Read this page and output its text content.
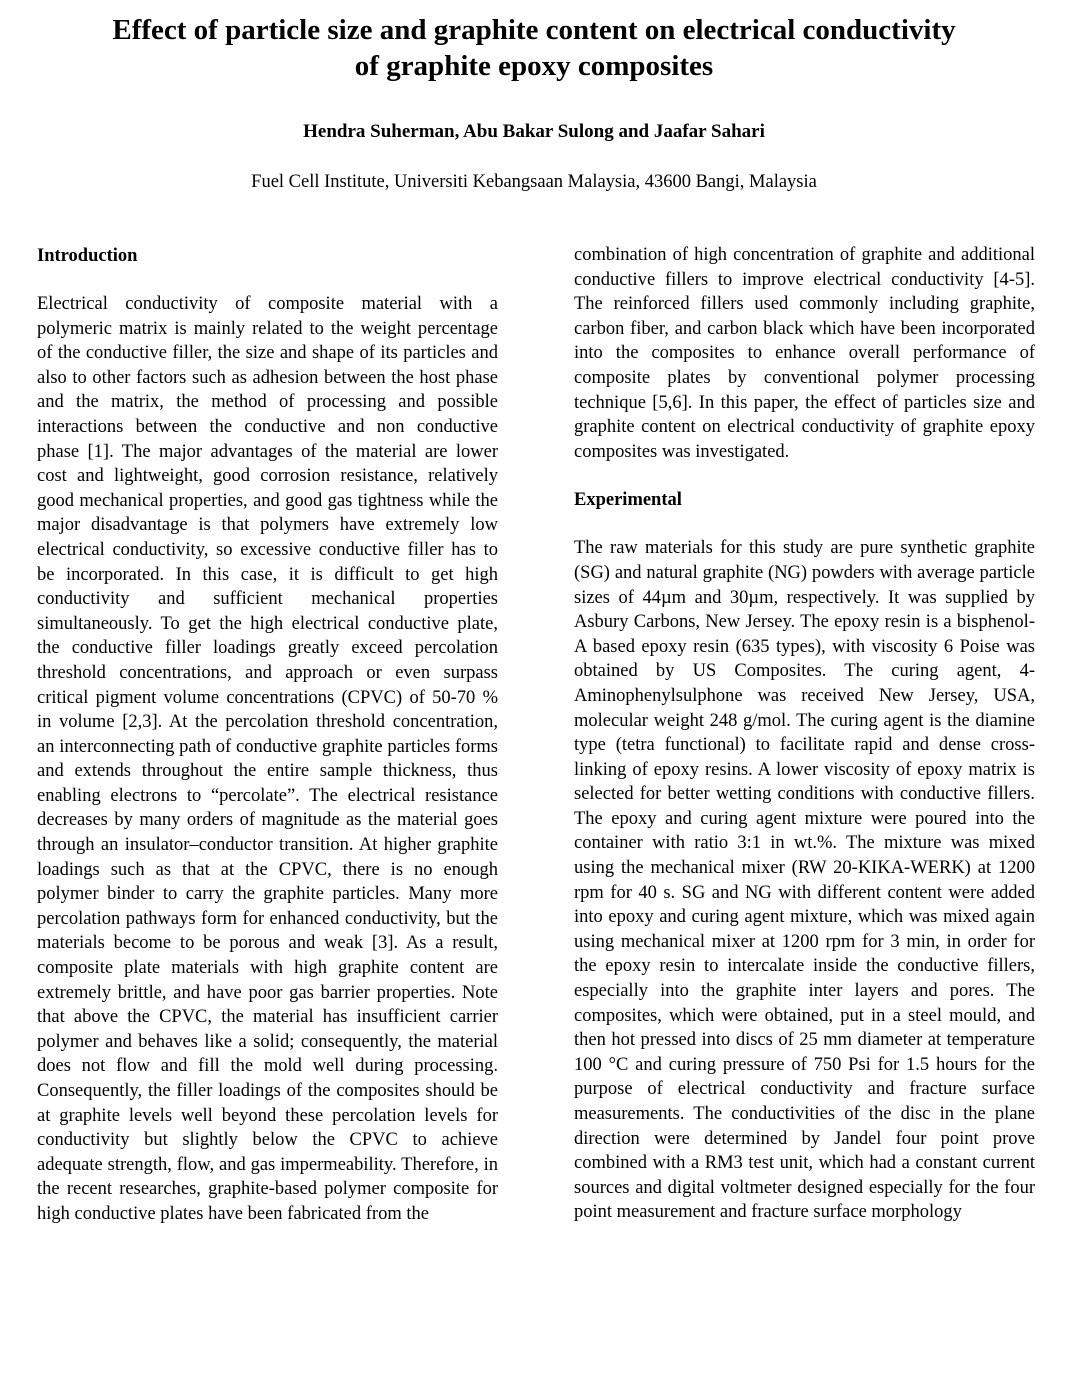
Effect of particle size and graphite content on electrical conductivity
of graphite epoxy composites
Hendra Suherman, Abu Bakar Sulong and Jaafar Sahari
Fuel Cell Institute, Universiti Kebangsaan Malaysia, 43600 Bangi, Malaysia

Introduction

Electrical conductivity of composite material with a polymeric matrix is mainly related to the weight percentage of the conductive filler, the size and shape of its particles and also to other factors such as adhesion between the host phase and the matrix, the method of processing and possible interactions between the conductive and non conductive phase [1]. The major advantages of the material are lower cost and lightweight, good corrosion resistance, relatively good mechanical properties, and good gas tightness while the major disadvantage is that polymers have extremely low electrical conductivity, so excessive conductive filler has to be incorporated. In this case, it is difficult to get high conductivity and sufficient mechanical properties simultaneously. To get the high electrical conductive plate, the conductive filler loadings greatly exceed percolation threshold concentrations, and approach or even surpass critical pigment volume concentrations (CPVC) of 50-70 % in volume [2,3]. At the percolation threshold concentration, an interconnecting path of conductive graphite particles forms and extends throughout the entire sample thickness, thus enabling electrons to “percolate”. The electrical resistance decreases by many orders of magnitude as the material goes through an insulator–conductor transition. At higher graphite loadings such as that at the CPVC, there is no enough polymer binder to carry the graphite particles. Many more percolation pathways form for enhanced conductivity, but the materials become to be porous and weak [3]. As a result, composite plate materials with high graphite content are extremely brittle, and have poor gas barrier properties. Note that above the CPVC, the material has insufficient carrier polymer and behaves like a solid; consequently, the material does not flow and fill the mold well during processing. Consequently, the filler loadings of the composites should be at graphite levels well beyond these percolation levels for conductivity but slightly below the CPVC to achieve adequate strength, flow, and gas impermeability. Therefore, in the recent researches, graphite-based polymer composite for high conductive plates have been fabricated from the

combination of high concentration of graphite and additional conductive fillers to improve electrical conductivity [4-5]. The reinforced fillers used commonly including graphite, carbon fiber, and carbon black which have been incorporated into the composites to enhance overall performance of composite plates by conventional polymer processing technique [5,6]. In this paper, the effect of particles size and graphite content on electrical conductivity of graphite epoxy composites was investigated.

Experimental

The raw materials for this study are pure synthetic graphite (SG) and natural graphite (NG) powders with average particle sizes of 44µm and 30µm, respectively. It was supplied by Asbury Carbons, New Jersey. The epoxy resin is a bisphenol-A based epoxy resin (635 types), with viscosity 6 Poise was obtained by US Composites. The curing agent, 4-Aminophenylsulphone was received New Jersey, USA, molecular weight 248 g/mol. The curing agent is the diamine type (tetra functional) to facilitate rapid and dense cross-linking of epoxy resins. A lower viscosity of epoxy matrix is selected for better wetting conditions with conductive fillers. The epoxy and curing agent mixture were poured into the container with ratio 3:1 in wt.%. The mixture was mixed using the mechanical mixer (RW 20-KIKA-WERK) at 1200 rpm for 40 s. SG and NG with different content were added into epoxy and curing agent mixture, which was mixed again using mechanical mixer at 1200 rpm for 3 min, in order for the epoxy resin to intercalate inside the conductive fillers, especially into the graphite inter layers and pores. The composites, which were obtained, put in a steel mould, and then hot pressed into discs of 25 mm diameter at temperature 100 °C and curing pressure of 750 Psi for 1.5 hours for the purpose of electrical conductivity and fracture surface measurements. The conductivities of the disc in the plane direction were determined by Jandel four point prove combined with a RM3 test unit, which had a constant current sources and digital voltmeter designed especially for the four point measurement and fracture surface morphology
